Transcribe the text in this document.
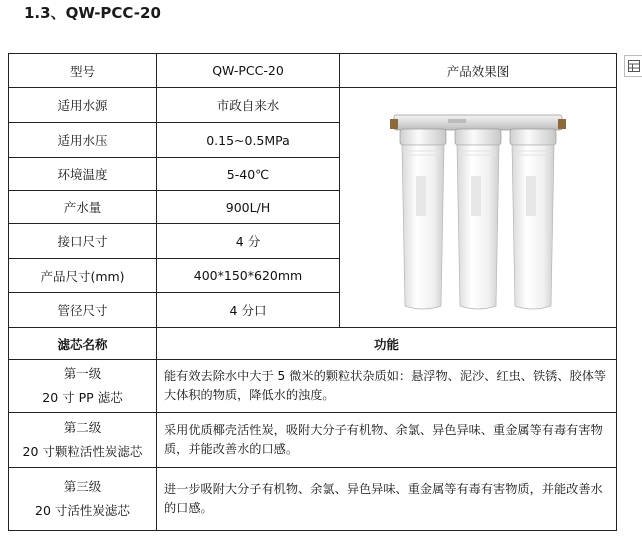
1.3、QW-PCC-20
型号	QW-PCC-20	产品效果图
适用水源	市政自来水	

适用水压	0.15~0.5MPa	
环境温度	5-40℃	
产水量	900L/H	
接口尺寸	4 分	
产品尺寸(mm)	400*150*620mm	
管径尺寸	4 分口	
滤芯名称	功能	

第一级
20 寸 PP 滤芯	能有效去除水中大于 5 微米的颗粒状杂质如：悬浮物、泥沙、红虫、铁锈、胶体等大体积的物质，降低水的浊度。	

第二级
20 寸颗粒活性炭滤芯	采用优质椰壳活性炭，吸附大分子有机物、余氯、异色异味、重金属等有毒有害物质，并能改善水的口感。	

第三级
20 寸活性炭滤芯	进一步吸附大分子有机物、余氯、异色异味、重金属等有毒有害物质，并能改善水的口感。	
